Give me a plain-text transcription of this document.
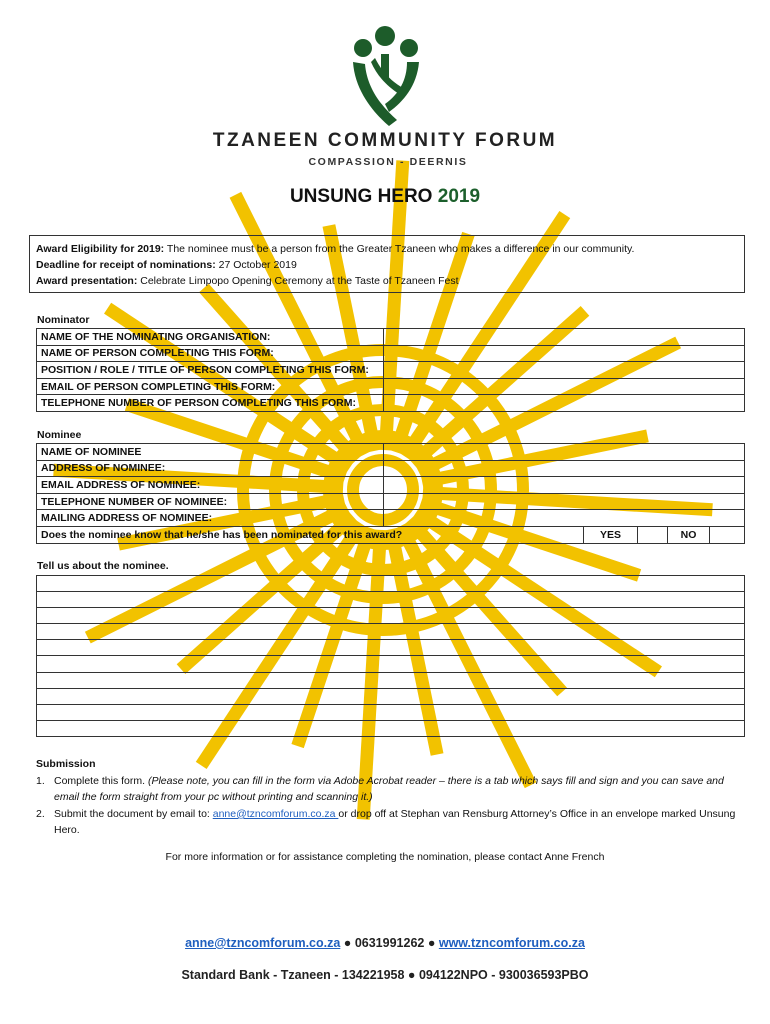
TZANEEN COMMUNITY FORUM
COMPASSION - DEERNIS
UNSUNG HERO 2019
Award Eligibility for 2019: The nominee must be a person from the Greater Tzaneen who makes a difference in our community.
Deadline for receipt of nominations: 27 October 2019
Award presentation: Celebrate Limpopo Opening Ceremony at the Taste of Tzaneen Fest
Nominator
NAME OF THE NOMINATING ORGANISATION:	
NAME OF PERSON COMPLETING THIS FORM:	
POSITION / ROLE / TITLE OF PERSON COMPLETING THIS FORM:	
EMAIL OF PERSON COMPLETING THIS FORM:	
TELEPHONE NUMBER OF PERSON COMPLETING THIS FORM:	
Nominee
NAME OF NOMINEE					
ADDRESS OF NOMINEE:					
EMAIL ADDRESS OF NOMINEE:					
TELEPHONE NUMBER OF NOMINEE:					
MAILING ADDRESS OF NOMINEE:					
Does the nominee know that he/she has been nominated for this award?		YES		NO	
Tell us about the nominee.
Submission
1. Complete this form. (Please note, you can fill in the form via Adobe Acrobat reader – there is a tab which says fill and sign and you can save and email the form straight from your pc without printing and scanning it.)
2. Submit the document by email to: anne@tzncomforum.co.za or drop off at Stephan van Rensburg Attorney’s Office in an envelope marked Unsung Hero.
For more information or for assistance completing the nomination, please contact Anne French
anne@tzncomforum.co.za ● 0631991262 ● www.tzncomforum.co.za
Standard Bank - Tzaneen - 134221958 ● 094122NPO - 930036593PBO
